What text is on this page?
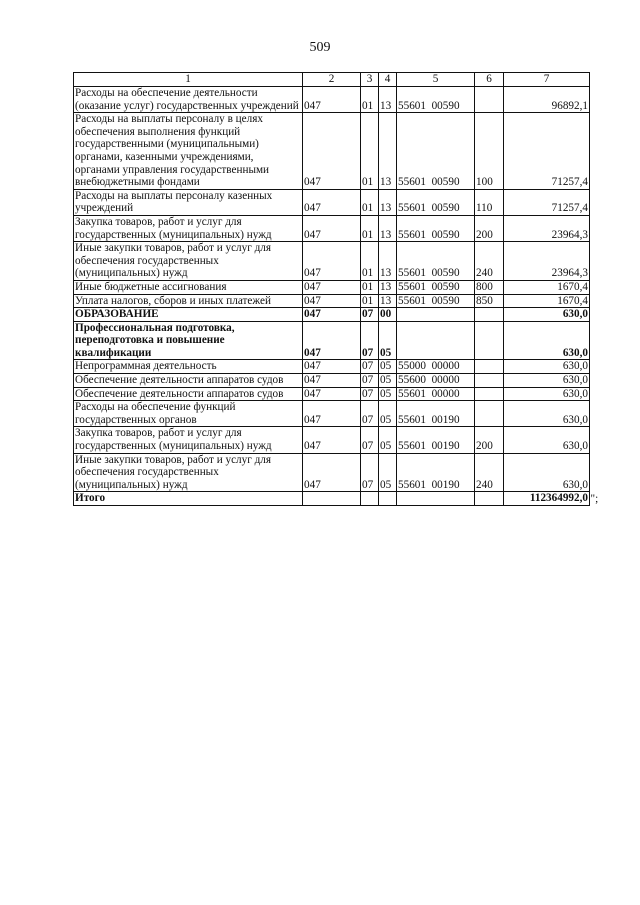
509
1	2	3	4	5	6	7
Расходы на обеспечение деятельности (оказание услуг) государственных учреждений	047	01	13	55601  00590		96892,1
Расходы на выплаты персоналу в целях обеспечения выполнения функций государственными (муниципальными) органами, казенными учреждениями, органами управления государственными внебюджетными фондами	047	01	13	55601  00590	100	71257,4
Расходы на выплаты персоналу казенных учреждений	047	01	13	55601  00590	110	71257,4
Закупка товаров, работ и услуг для государственных (муниципальных) нужд	047	01	13	55601  00590	200	23964,3
Иные закупки товаров, работ и услуг для обеспечения государственных (муниципальных) нужд	047	01	13	55601  00590	240	23964,3
Иные бюджетные ассигнования	047	01	13	55601  00590	800	1670,4
Уплата налогов, сборов и иных платежей	047	01	13	55601  00590	850	1670,4
ОБРАЗОВАНИЕ	047	07	00			630,0
Профессиональная подготовка, переподготовка и повышение квалификации	047	07	05			630,0
Непрограммная деятельность	047	07	05	55000  00000		630,0
Обеспечение деятельности аппаратов судов	047	07	05	55600  00000		630,0
Обеспечение деятельности аппаратов судов	047	07	05	55601  00000		630,0
Расходы на обеспечение функций государственных органов	047	07	05	55601  00190		630,0
Закупка товаров, работ и услуг для государственных (муниципальных) нужд	047	07	05	55601  00190	200	630,0
Иные закупки товаров, работ и услуг для обеспечения государственных (муниципальных) нужд	047	07	05	55601  00190	240	630,0
Итого						112364992,0 ";
